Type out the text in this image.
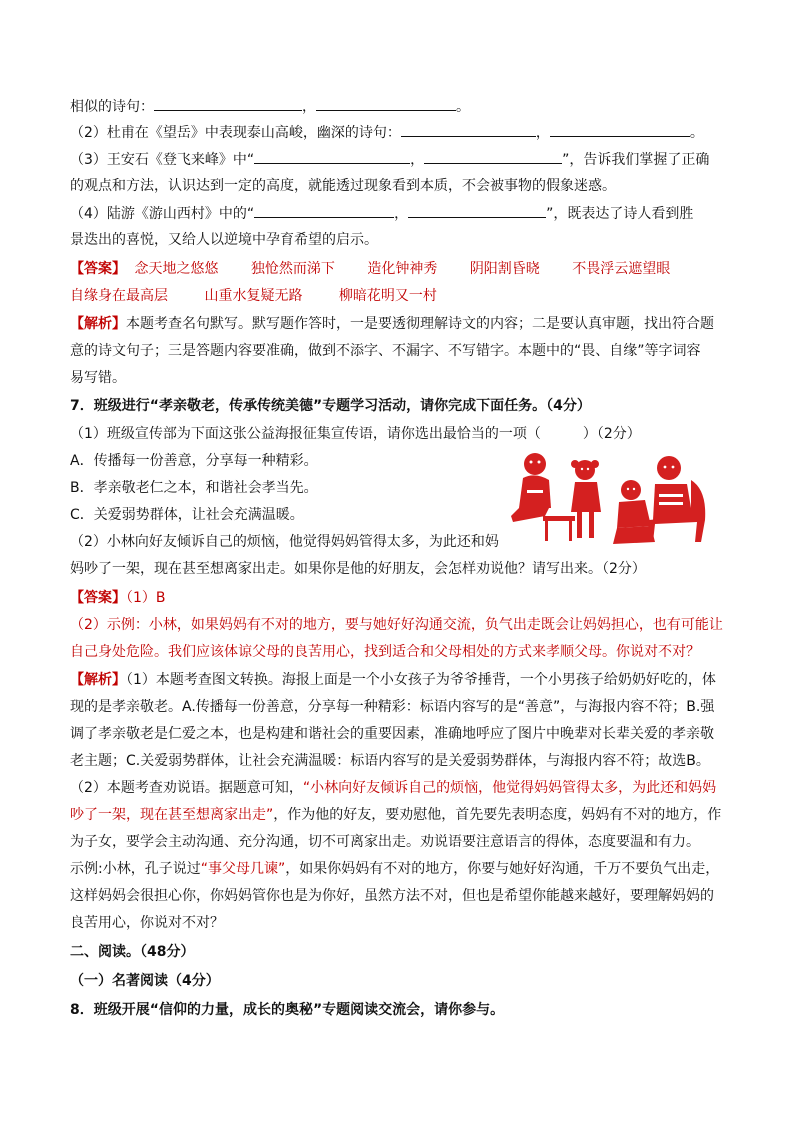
相似的诗句：	，	。
（2）杜甫在《望岳》中表现泰山高峻，幽深的诗句：	，	。
（3）王安石《登飞来峰》中“	，	”，告诉我们掌握了正确
的观点和方法，认识达到一定的高度，就能透过现象看到本质，不会被事物的假象迷惑。
（4）陆游《游山西村》中的“	，	”，既表达了诗人看到胜
景迭出的喜悦，又给人以逆境中孕育希望的启示。
【答案】 念天地之悠悠 独怆然而涕下 造化钟神秀 阴阳割昏晓 不畏浮云遮望眼
自缘身在最高层	山重水复疑无路	柳暗花明又一村
【解析】本题考查名句默写。默写题作答时，一是要透彻理解诗文的内容；二是要认真审题，找出符合题
意的诗文句子；三是答题内容要准确，做到不添字、不漏字、不写错字。本题中的“畏、自缘”等字词容
易写错。
7．班级进行“孝亲敬老，传承传统美德”专题学习活动，请你完成下面任务。（4分）
（1）班级宣传部为下面这张公益海报征集宣传语，请你选出最恰当的一项（　　　）（2分）
A．传播每一份善意，分享每一种精彩。
B．孝亲敬老仁之本，和谐社会孝当先。
C．关爱弱势群体，让社会充满温暖。
（2）小林向好友倾诉自己的烦恼，他觉得妈妈管得太多，为此还和妈
妈吵了一架，现在甚至想离家出走。如果你是他的好朋友，会怎样劝说他？请写出来。（2分）
【答案】（1）B
（2）示例：小林，如果妈妈有不对的地方，要与她好好沟通交流，负气出走既会让妈妈担心，也有可能让
自己身处危险。我们应该体谅父母的良苦用心，找到适合和父母相处的方式来孝顺父母。你说对不对？
【解析】（1）本题考查图文转换。海报上面是一个小女孩子为爷爷捶背，一个小男孩子给奶奶好吃的，体
现的是孝亲敬老。A.传播每一份善意，分享每一种精彩：标语内容写的是“善意”，与海报内容不符；B.强
调了孝亲敬老是仁爱之本，也是构建和谐社会的重要因素，准确地呼应了图片中晚辈对长辈关爱的孝亲敬
老主题；C.关爱弱势群体，让社会充满温暖：标语内容写的是关爱弱势群体，与海报内容不符；故选B。
（2）本题考查劝说语。据题意可知，“小林向好友倾诉自己的烦恼，他觉得妈妈管得太多，为此还和妈妈
吵了一架，现在甚至想离家出走”，作为他的好友，要劝慰他，首先要先表明态度，妈妈有不对的地方，作
为子女，要学会主动沟通、充分沟通，切不可离家出走。劝说语要注意语言的得体，态度要温和有力。
示例:小林，孔子说过“事父母几谏”，如果你妈妈有不对的地方，你要与她好好沟通，千万不要负气出走，
这样妈妈会很担心你，你妈妈管你也是为你好，虽然方法不对，但也是希望你能越来越好，要理解妈妈的
良苦用心，你说对不对？
二、阅读。（48分）
（一）名著阅读（4分）
8．班级开展“信仰的力量，成长的奥秘”专题阅读交流会，请你参与。
